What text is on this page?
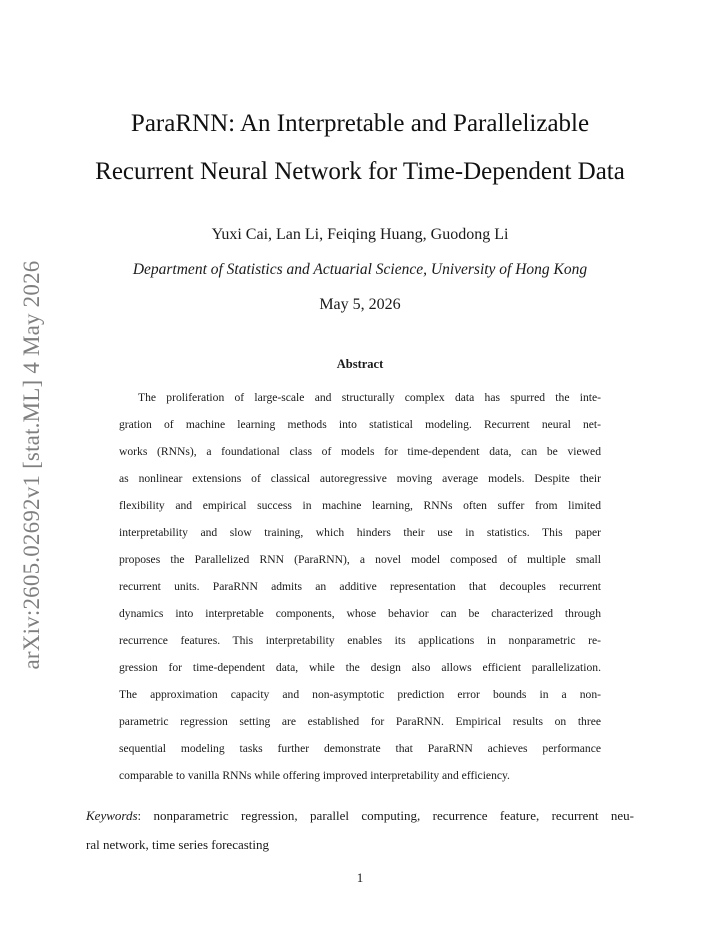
arXiv:2605.02692v1 [stat.ML] 4 May 2026
ParaRNN: An Interpretable and Parallelizable
Recurrent Neural Network for Time-Dependent Data
Yuxi Cai, Lan Li, Feiqing Huang, Guodong Li
Department of Statistics and Actuarial Science, University of Hong Kong
May 5, 2026
Abstract
The proliferation of large-scale and structurally complex data has spurred the inte-
gration of machine learning methods into statistical modeling. Recurrent neural net-
works (RNNs), a foundational class of models for time-dependent data, can be viewed
as nonlinear extensions of classical autoregressive moving average models. Despite their
flexibility and empirical success in machine learning, RNNs often suffer from limited
interpretability and slow training, which hinders their use in statistics. This paper
proposes the Parallelized RNN (ParaRNN), a novel model composed of multiple small
recurrent units. ParaRNN admits an additive representation that decouples recurrent
dynamics into interpretable components, whose behavior can be characterized through
recurrence features. This interpretability enables its applications in nonparametric re-
gression for time-dependent data, while the design also allows efficient parallelization.
The approximation capacity and non-asymptotic prediction error bounds in a non-
parametric regression setting are established for ParaRNN. Empirical results on three
sequential modeling tasks further demonstrate that ParaRNN achieves performance
comparable to vanilla RNNs while offering improved interpretability and efficiency.
Keywords: nonparametric regression, parallel computing, recurrence feature, recurrent neu-
ral network, time series forecasting
1
